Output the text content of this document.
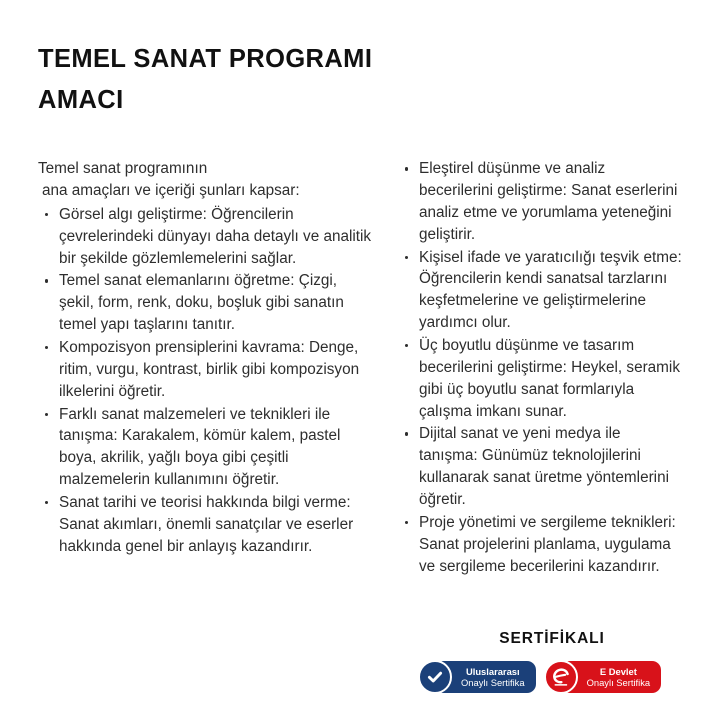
TEMEL SANAT PROGRAMI
AMACI
Temel sanat programının
ana amaçları ve içeriği şunları kapsar:
Görsel algı geliştirme: Öğrencilerin çevrelerindeki dünyayı daha detaylı ve analitik bir şekilde gözlemlemelerini sağlar.
Temel sanat elemanlarını öğretme: Çizgi, şekil, form, renk, doku, boşluk gibi sanatın temel yapı taşlarını tanıtır.
Kompozisyon prensiplerini kavrama: Denge, ritim, vurgu, kontrast, birlik gibi kompozisyon ilkelerini öğretir.
Farklı sanat malzemeleri ve teknikleri ile tanışma: Karakalem, kömür kalem, pastel boya, akrilik, yağlı boya gibi çeşitli malzemelerin kullanımını öğretir.
Sanat tarihi ve teorisi hakkında bilgi verme: Sanat akımları, önemli sanatçılar ve eserler hakkında genel bir anlayış kazandırır.
Eleştirel düşünme ve analiz becerilerini geliştirme: Sanat eserlerini analiz etme ve yorumlama yeteneğini geliştirir.
Kişisel ifade ve yaratıcılığı teşvik etme: Öğrencilerin kendi sanatsal tarzlarını keşfetmelerine ve geliştirmelerine yardımcı olur.
Üç boyutlu düşünme ve tasarım becerilerini geliştirme: Heykel, seramik gibi üç boyutlu sanat formlarıyla çalışma imkanı sunar.
Dijital sanat ve yeni medya ile tanışma: Günümüz teknolojilerini kullanarak sanat üretme yöntemlerini öğretir.
Proje yönetimi ve sergileme teknikleri: Sanat projelerini planlama, uygulama ve sergileme becerilerini kazandırır.
SERTİFİKALI
Uluslararası
Onaylı Sertifika
E Devlet
Onaylı Sertifika
